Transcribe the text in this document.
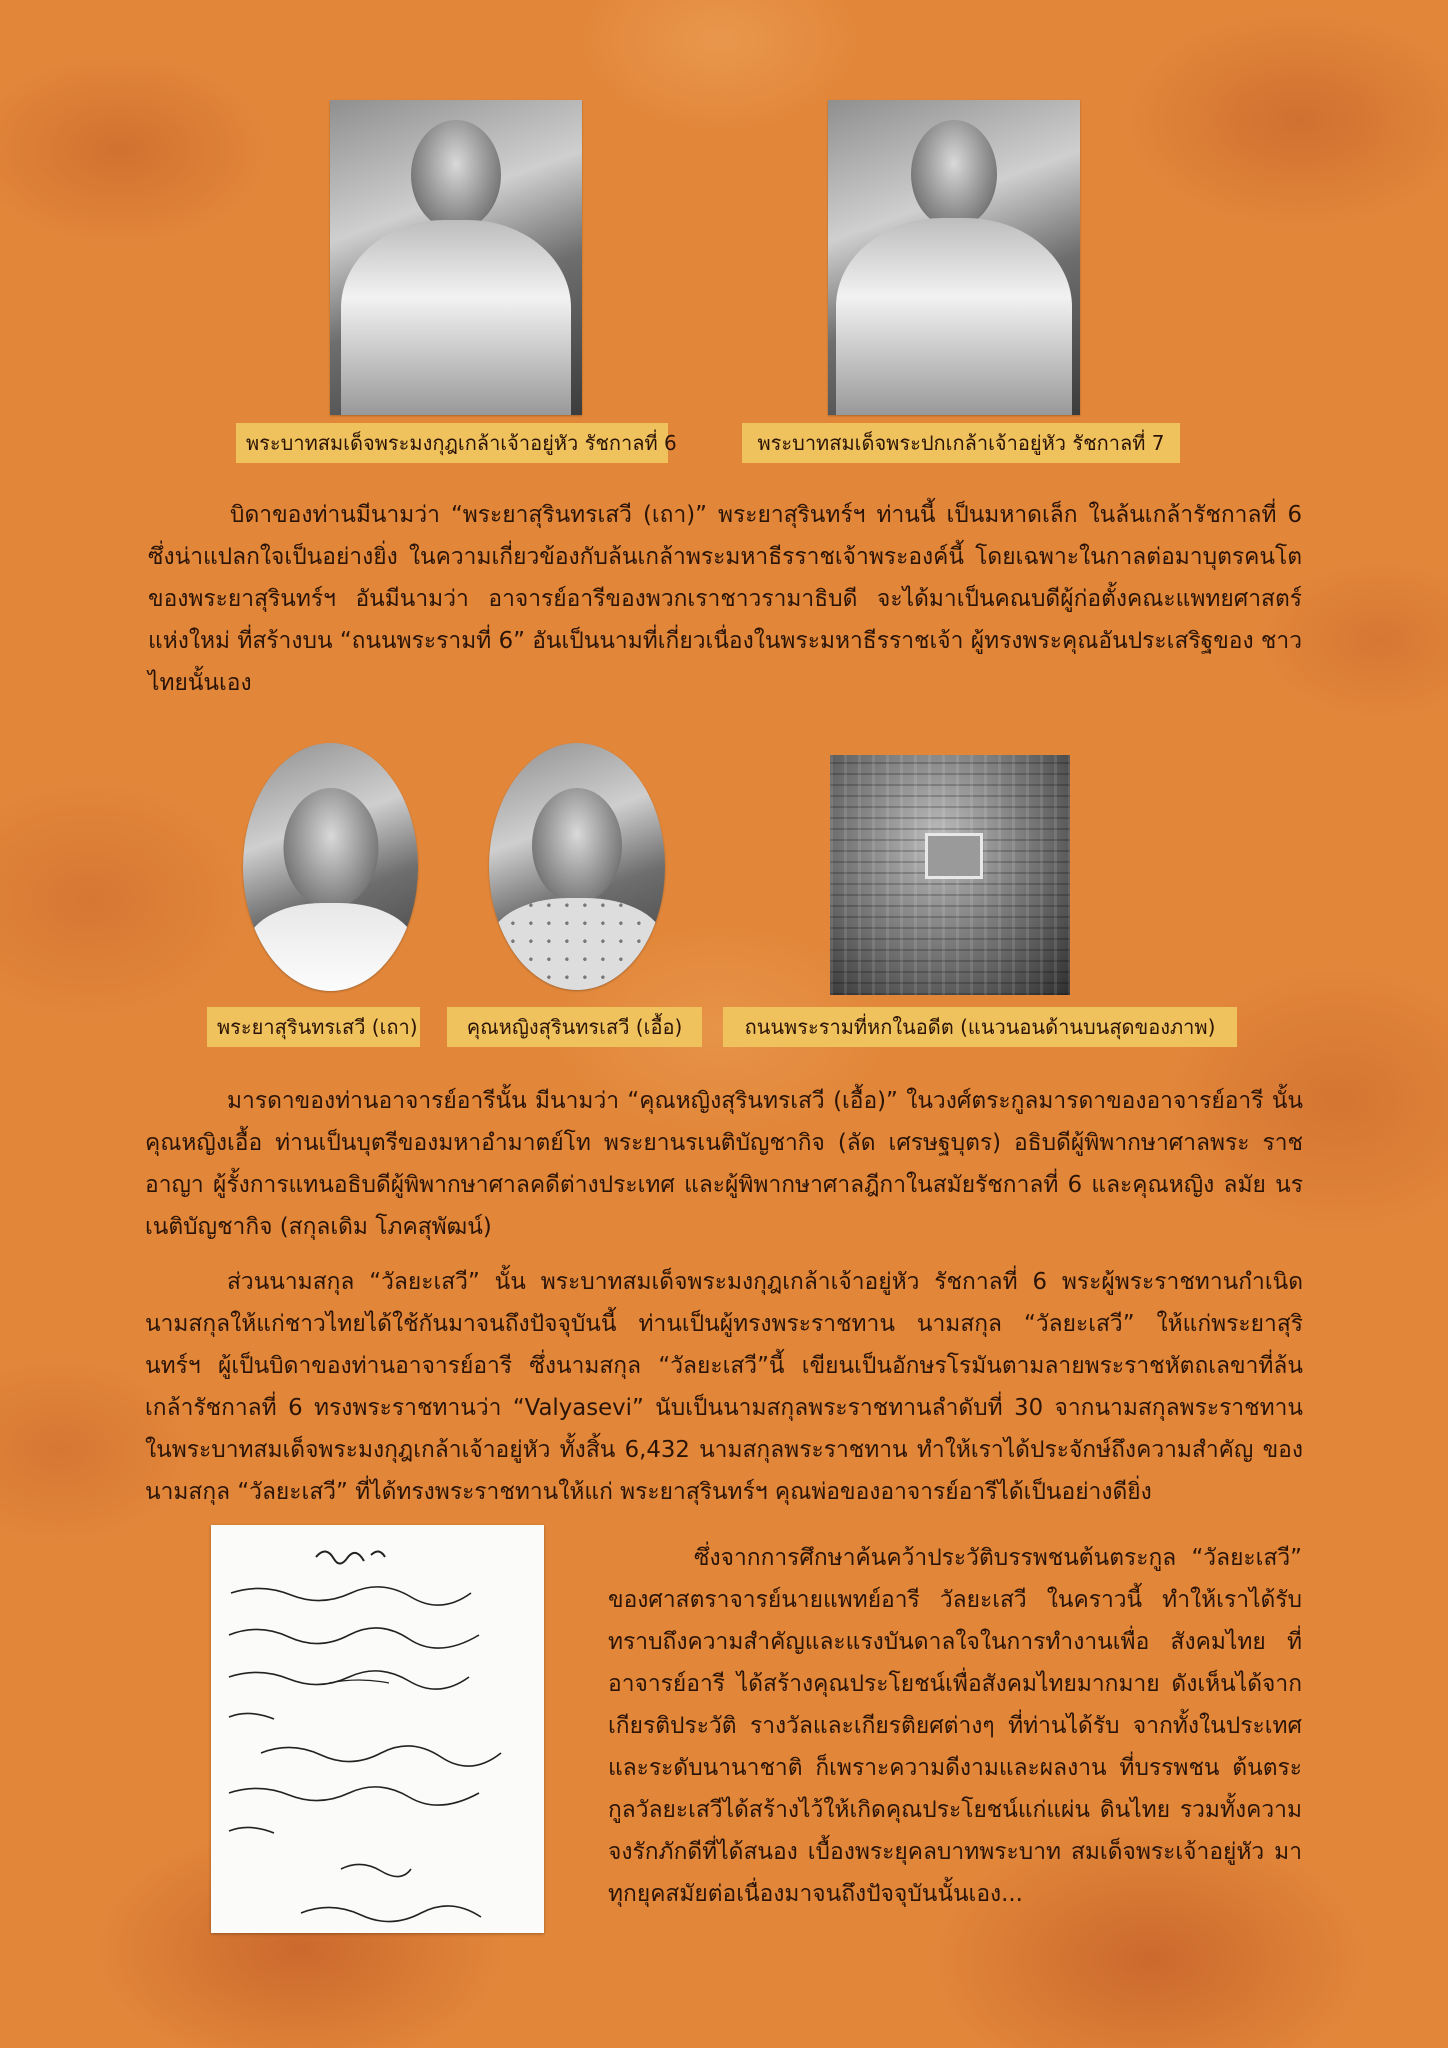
พระบาทสมเด็จพระมงกุฎเกล้าเจ้าอยู่หัว รัชกาลที่ 6	พระบาทสมเด็จพระปกเกล้าเจ้าอยู่หัว รัชกาลที่ 7

บิดาของท่านมีนามว่า “พระยาสุรินทรเสวี (เถา)” พระยาสุรินทร์ฯ ท่านนี้ เป็นมหาดเล็ก ในล้นเกล้ารัชกาลที่ 6 ซึ่งน่าแปลกใจเป็นอย่างยิ่ง ในความเกี่ยวข้องกับล้นเกล้าพระมหาธีรราชเจ้าพระองค์นี้ โดยเฉพาะในกาลต่อมาบุตรคนโต ของพระยาสุรินทร์ฯ อันมีนามว่า อาจารย์อารีของพวกเราชาวรามาธิบดี จะได้มาเป็นคณบดีผู้ก่อตั้งคณะแพทยศาสตร์ แห่งใหม่ ที่สร้างบน “ถนนพระรามที่ 6” อันเป็นนามที่เกี่ยวเนื่องในพระมหาธีรราชเจ้า ผู้ทรงพระคุณอันประเสริฐของ ชาวไทยนั้นเอง

พระยาสุรินทรเสวี (เถา)	คุณหญิงสุรินทรเสวี (เอื้อ)	ถนนพระรามที่หกในอดีต (แนวนอนด้านบนสุดของภาพ)

มารดาของท่านอาจารย์อารีนั้น มีนามว่า “คุณหญิงสุรินทรเสวี (เอื้อ)” ในวงศ์ตระกูลมารดาของอาจารย์อารี นั้น คุณหญิงเอื้อ ท่านเป็นบุตรีของมหาอำมาตย์โท พระยานรเนติบัญชากิจ (ลัด เศรษฐบุตร) อธิบดีผู้พิพากษาศาลพระ ราชอาญา ผู้รั้งการแทนอธิบดีผู้พิพากษาศาลคดีต่างประเทศ และผู้พิพากษาศาลฎีกาในสมัยรัชกาลที่ 6 และคุณหญิง ลมัย นรเนติบัญชากิจ (สกุลเดิม โภคสุพัฒน์)

ส่วนนามสกุล “วัลยะเสวี” นั้น พระบาทสมเด็จพระมงกุฎเกล้าเจ้าอยู่หัว รัชกาลที่ 6 พระผู้พระราชทานกำเนิด นามสกุลให้แก่ชาวไทยได้ใช้กันมาจนถึงปัจจุบันนี้ ท่านเป็นผู้ทรงพระราชทาน นามสกุล “วัลยะเสวี” ให้แก่พระยาสุริ นทร์ฯ ผู้เป็นบิดาของท่านอาจารย์อารี ซึ่งนามสกุล “วัลยะเสวี”นี้ เขียนเป็นอักษรโรมันตามลายพระราชหัตถเลขาที่ล้น เกล้ารัชกาลที่ 6 ทรงพระราชทานว่า “Valyasevi” นับเป็นนามสกุลพระราชทานลำดับที่ 30 จากนามสกุลพระราชทาน ในพระบาทสมเด็จพระมงกุฎเกล้าเจ้าอยู่หัว ทั้งสิ้น 6,432 นามสกุลพระราชทาน ทำให้เราได้ประจักษ์ถึงความสำคัญ ของนามสกุล “วัลยะเสวี” ที่ได้ทรงพระราชทานให้แก่ พระยาสุรินทร์ฯ คุณพ่อของอาจารย์อารีได้เป็นอย่างดียิ่ง

ซึ่งจากการศึกษาค้นคว้าประวัติบรรพชนต้นตระกูล “วัลยะเสวี” ของศาสตราจารย์นายแพทย์อารี วัลยะเสวี ในคราวนี้ ทำให้เราได้รับทราบถึงความสำคัญและแรงบันดาลใจในการทำงานเพื่อ สังคมไทย ที่อาจารย์อารี ได้สร้างคุณประโยชน์เพื่อสังคมไทยมากมาย ดังเห็นได้จากเกียรติประวัติ รางวัลและเกียรติยศต่างๆ ที่ท่านได้รับ จากทั้งในประเทศและระดับนานาชาติ ก็เพราะความดีงามและผลงาน ที่บรรพชน ต้นตระกูลวัลยะเสวีได้สร้างไว้ให้เกิดคุณประโยชน์แก่แผ่น ดินไทย รวมทั้งความจงรักภักดีที่ได้สนอง เบื้องพระยุคลบาทพระบาท สมเด็จพระเจ้าอยู่หัว มาทุกยุคสมัยต่อเนื่องมาจนถึงปัจจุบันนั้นเอง...
